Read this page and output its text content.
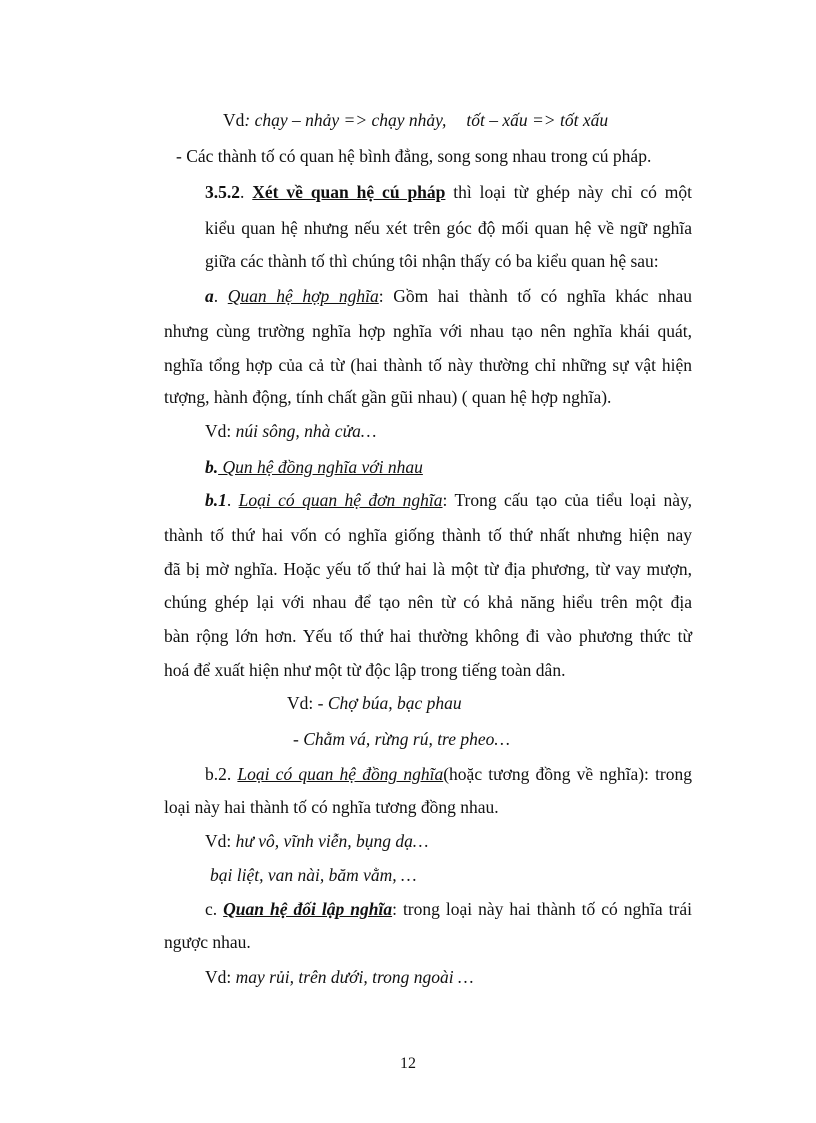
Vd: chạy – nhảy => chạy nhảy, tốt – xấu => tốt xấu
- Các thành tố có quan hệ bình đẳng, song song nhau trong cú pháp.
3.5.2. Xét về quan hệ cú pháp thì loại từ ghép này chỉ có một
kiểu quan hệ nhưng nếu xét trên góc độ mối quan hệ về ngữ nghĩa
giữa các thành tố thì chúng tôi nhận thấy có ba kiểu quan hệ sau:
a. Quan hệ hợp nghĩa: Gồm hai thành tố có nghĩa khác nhau
nhưng cùng trường nghĩa hợp nghĩa với nhau tạo nên nghĩa khái quát,
nghĩa tổng hợp của cả từ (hai thành tố này thường chỉ những sự vật hiện
tượng, hành động, tính chất gần gũi nhau) ( quan hệ hợp nghĩa).
Vd: núi sông, nhà cửa…
b. Qun hệ đồng nghĩa với nhau
b.1. Loại có quan hệ đơn nghĩa: Trong cấu tạo của tiểu loại này,
thành tố thứ hai vốn có nghĩa giống thành tố thứ nhất nhưng hiện nay
đã bị mờ nghĩa. Hoặc yếu tố thứ hai là một từ địa phương, từ vay mượn,
chúng ghép lại với nhau để tạo nên từ có khả năng hiểu trên một địa
bàn rộng lớn hơn. Yếu tố thứ hai thường không đi vào phương thức từ
hoá để xuất hiện như một từ độc lập trong tiếng toàn dân.
Vd: - Chợ búa, bạc phau
- Chằm vá, rừng rú, tre pheo…
b.2. Loại có quan hệ đồng nghĩa(hoặc tương đồng về nghĩa): trong
loại này hai thành tố có nghĩa tương đồng nhau.
Vd: hư vô, vĩnh viễn, bụng dạ…
bại liệt, van nài, băm vằm, …
c. Quan hệ đối lập nghĩa: trong loại này hai thành tố có nghĩa trái
ngược nhau.
Vd: may rủi, trên dưới, trong ngoài …
12
